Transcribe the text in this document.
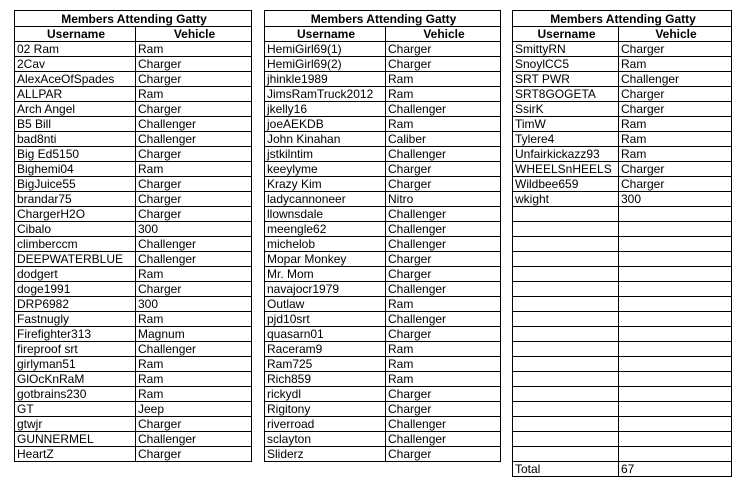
Members Attending Gatty	
Username	Vehicle
02 Ram	Ram
2Cav	Charger
AlexAceOfSpades	Charger
ALLPAR	Ram
Arch Angel	Charger
B5 Bill	Challenger
bad8nti	Challenger
Big Ed5150	Charger
Bighemi04	Ram
BigJuice55	Charger
brandar75	Charger
ChargerH2O	Charger
Cibalo	300
climberccm	Challenger
DEEPWATERBLUE	Challenger
dodgert	Ram
doge1991	Charger
DRP6982	300
Fastnugly	Ram
Firefighter313	Magnum
fireproof srt	Challenger
girlyman51	Ram
GlOcKnRaM	Ram
gotbrains230	Ram
GT	Jeep
gtwjr	Charger
GUNNERMEL	Challenger
HeartZ	Charger
Members Attending Gatty	
Username	Vehicle
HemiGirl69(1)	Charger
HemiGirl69(2)	Charger
jhinkle1989	Ram
JimsRamTruck2012	Ram
jkelly16	Challenger
joeAEKDB	Ram
John Kinahan	Caliber
jstkilntim	Challenger
keeylyme	Charger
Krazy Kim	Charger
ladycannoneer	Nitro
llownsdale	Challenger
meengle62	Challenger
michelob	Challenger
Mopar Monkey	Charger
Mr. Mom	Charger
navajocr1979	Challenger
Outlaw	Ram
pjd10srt	Challenger
quasarn01	Charger
Raceram9	Ram
Ram725	Ram
Rich859	Ram
rickydl	Charger
Rigitony	Charger
riverroad	Challenger
sclayton	Challenger
Sliderz	Charger
Members Attending Gatty	
Username	Vehicle
SmittyRN	Charger
SnoylCC5	Ram
SRT PWR	Challenger
SRT8GOGETA	Charger
SsirK	Charger
TimW	Ram
Tylere4	Ram
Unfairkickazz93	Ram
WHEELSnHEELS	Charger
Wildbee659	Charger
wkight	300

Total	67
